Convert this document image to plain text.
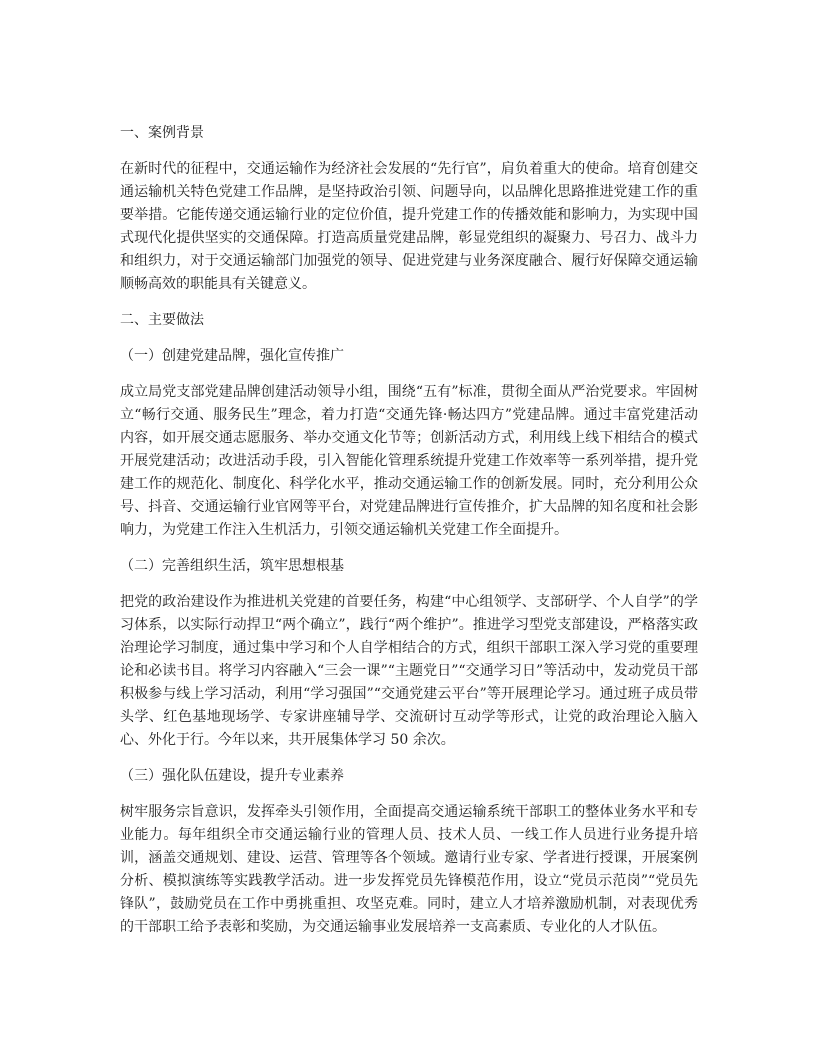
一、案例背景

在新时代的征程中，交通运输作为经济社会发展的“先行官”，肩负着重大的使命。培育创建交通运输机关特色党建工作品牌，是坚持政治引领、问题导向，以品牌化思路推进党建工作的重要举措。它能传递交通运输行业的定位价值，提升党建工作的传播效能和影响力，为实现中国式现代化提供坚实的交通保障。打造高质量党建品牌，彰显党组织的凝聚力、号召力、战斗力和组织力，对于交通运输部门加强党的领导、促进党建与业务深度融合、履行好保障交通运输顺畅高效的职能具有关键意义。

二、主要做法

（一）创建党建品牌，强化宣传推广

成立局党支部党建品牌创建活动领导小组，围绕“五有”标准，贯彻全面从严治党要求。牢固树立“畅行交通、服务民生”理念，着力打造“交通先锋·畅达四方”党建品牌。通过丰富党建活动内容，如开展交通志愿服务、举办交通文化节等；创新活动方式，利用线上线下相结合的模式开展党建活动；改进活动手段，引入智能化管理系统提升党建工作效率等一系列举措，提升党建工作的规范化、制度化、科学化水平，推动交通运输工作的创新发展。同时，充分利用公众号、抖音、交通运输行业官网等平台，对党建品牌进行宣传推介，扩大品牌的知名度和社会影响力，为党建工作注入生机活力，引领交通运输机关党建工作全面提升。

（二）完善组织生活，筑牢思想根基

把党的政治建设作为推进机关党建的首要任务，构建“中心组领学、支部研学、个人自学”的学习体系，以实际行动捍卫“两个确立”，践行“两个维护”。推进学习型党支部建设，严格落实政治理论学习制度，通过集中学习和个人自学相结合的方式，组织干部职工深入学习党的重要理论和必读书目。将学习内容融入“三会一课”“主题党日”“交通学习日”等活动中，发动党员干部积极参与线上学习活动，利用“学习强国”“交通党建云平台”等开展理论学习。通过班子成员带头学、红色基地现场学、专家讲座辅导学、交流研讨互动学等形式，让党的政治理论入脑入心、外化于行。今年以来，共开展集体学习 50 余次。

（三）强化队伍建设，提升专业素养

树牢服务宗旨意识，发挥牵头引领作用，全面提高交通运输系统干部职工的整体业务水平和专业能力。每年组织全市交通运输行业的管理人员、技术人员、一线工作人员进行业务提升培训，涵盖交通规划、建设、运营、管理等各个领域。邀请行业专家、学者进行授课，开展案例分析、模拟演练等实践教学活动。进一步发挥党员先锋模范作用，设立“党员示范岗”“党员先锋队”，鼓励党员在工作中勇挑重担、攻坚克难。同时，建立人才培养激励机制，对表现优秀的干部职工给予表彰和奖励，为交通运输事业发展培养一支高素质、专业化的人才队伍。
